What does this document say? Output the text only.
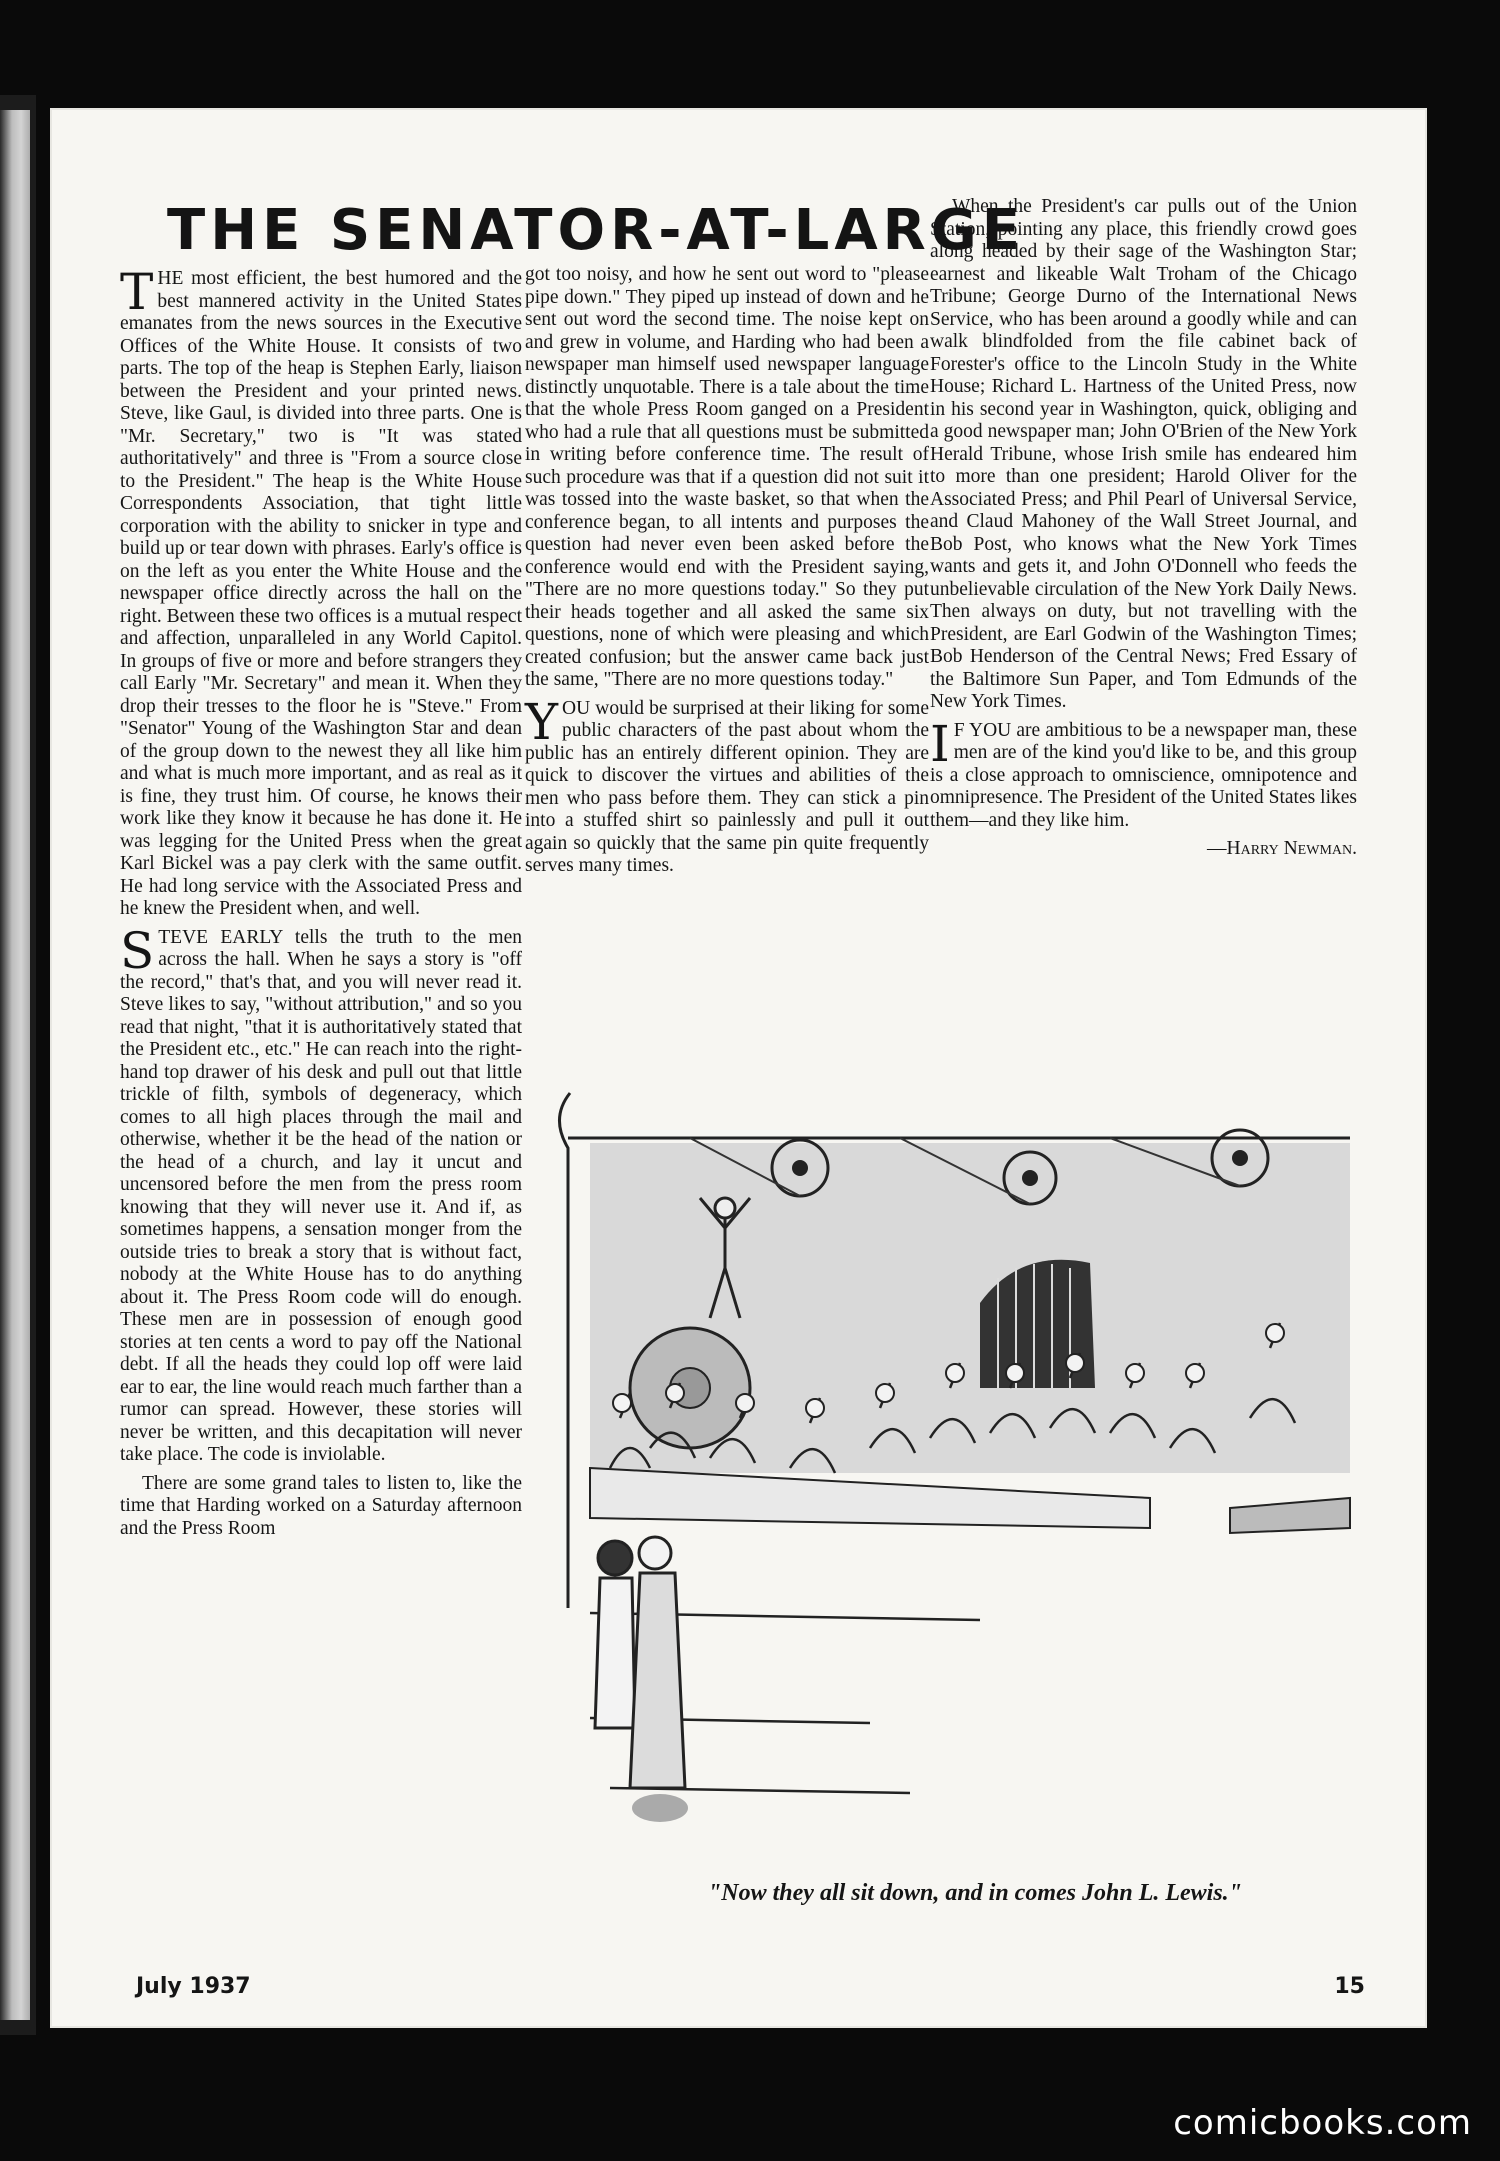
THE SENATOR-AT-LARGE

THE most efficient, the best humored and the best mannered activity in the United States emanates from the news sources in the Executive Offices of the White House. It consists of two parts. The top of the heap is Stephen Early, liaison between the President and your printed news. Steve, like Gaul, is divided into three parts. One is "Mr. Secretary," two is "It was stated authoritatively" and three is "From a source close to the President." The heap is the White House Correspondents Association, that tight little corporation with the ability to snicker in type and build up or tear down with phrases. Early's office is on the left as you enter the White House and the newspaper office directly across the hall on the right. Between these two offices is a mutual respect and affection, unparalleled in any World Capitol. In groups of five or more and before strangers they call Early "Mr. Secretary" and mean it. When they drop their tresses to the floor he is "Steve." From "Senator" Young of the Washington Star and dean of the group down to the newest they all like him and what is much more important, and as real as it is fine, they trust him. Of course, he knows their work like they know it because he has done it. He was legging for the United Press when the great Karl Bickel was a pay clerk with the same outfit. He had long service with the Associated Press and he knew the President when, and well.

STEVE EARLY tells the truth to the men across the hall. When he says a story is "off the record," that's that, and you will never read it. Steve likes to say, "without attribution," and so you read that night, "that it is authoritatively stated that the President etc., etc." He can reach into the right-hand top drawer of his desk and pull out that little trickle of filth, symbols of degeneracy, which comes to all high places through the mail and otherwise, whether it be the head of the nation or the head of a church, and lay it uncut and uncensored before the men from the press room knowing that they will never use it. And if, as sometimes happens, a sensation monger from the outside tries to break a story that is without fact, nobody at the White House has to do anything about it. The Press Room code will do enough. These men are in possession of enough good stories at ten cents a word to pay off the National debt. If all the heads they could lop off were laid ear to ear, the line would reach much farther than a rumor can spread. However, these stories will never be written, and this decapitation will never take place. The code is inviolable.

There are some grand tales to listen to, like the time that Harding worked on a Saturday afternoon and the Press Room

got too noisy, and how he sent out word to "please pipe down." They piped up instead of down and he sent out word the second time. The noise kept on and grew in volume, and Harding who had been a newspaper man himself used newspaper language distinctly unquotable. There is a tale about the time that the whole Press Room ganged on a President who had a rule that all questions must be submitted in writing before conference time. The result of such procedure was that if a question did not suit it was tossed into the waste basket, so that when the conference began, to all intents and purposes the question had never even been asked before the conference would end with the President saying, "There are no more questions today." So they put their heads together and all asked the same six questions, none of which were pleasing and which created confusion; but the answer came back just the same, "There are no more questions today."

YOU would be surprised at their liking for some public characters of the past about whom the public has an entirely different opinion. They are quick to discover the virtues and abilities of the men who pass before them. They can stick a pin into a stuffed shirt so painlessly and pull it out again so quickly that the same pin quite frequently serves many times.

When the President's car pulls out of the Union Station, pointing any place, this friendly crowd goes along headed by their sage of the Washington Star; earnest and likeable Walt Troham of the Chicago Tribune; George Durno of the International News Service, who has been around a goodly while and can walk blindfolded from the file cabinet back of Forester's office to the Lincoln Study in the White House; Richard L. Hartness of the United Press, now in his second year in Washington, quick, obliging and a good newspaper man; John O'Brien of the New York Herald Tribune, whose Irish smile has endeared him to more than one president; Harold Oliver for the Associated Press; and Phil Pearl of Universal Service, and Claud Mahoney of the Wall Street Journal, and Bob Post, who knows what the New York Times wants and gets it, and John O'Donnell who feeds the unbelievable circulation of the New York Daily News. Then always on duty, but not travelling with the President, are Earl Godwin of the Washington Times; Bob Henderson of the Central News; Fred Essary of the Baltimore Sun Paper, and Tom Edmunds of the New York Times.

I F YOU are ambitious to be a newspaper man, these men are of the kind you'd like to be, and this group is a close approach to omniscience, omnipotence and omnipresence. The President of the United States likes them—and they like him.

—Harry Newman.

"Now they all sit down, and in comes John L. Lewis."
July 1937	15
comicbooks.com
